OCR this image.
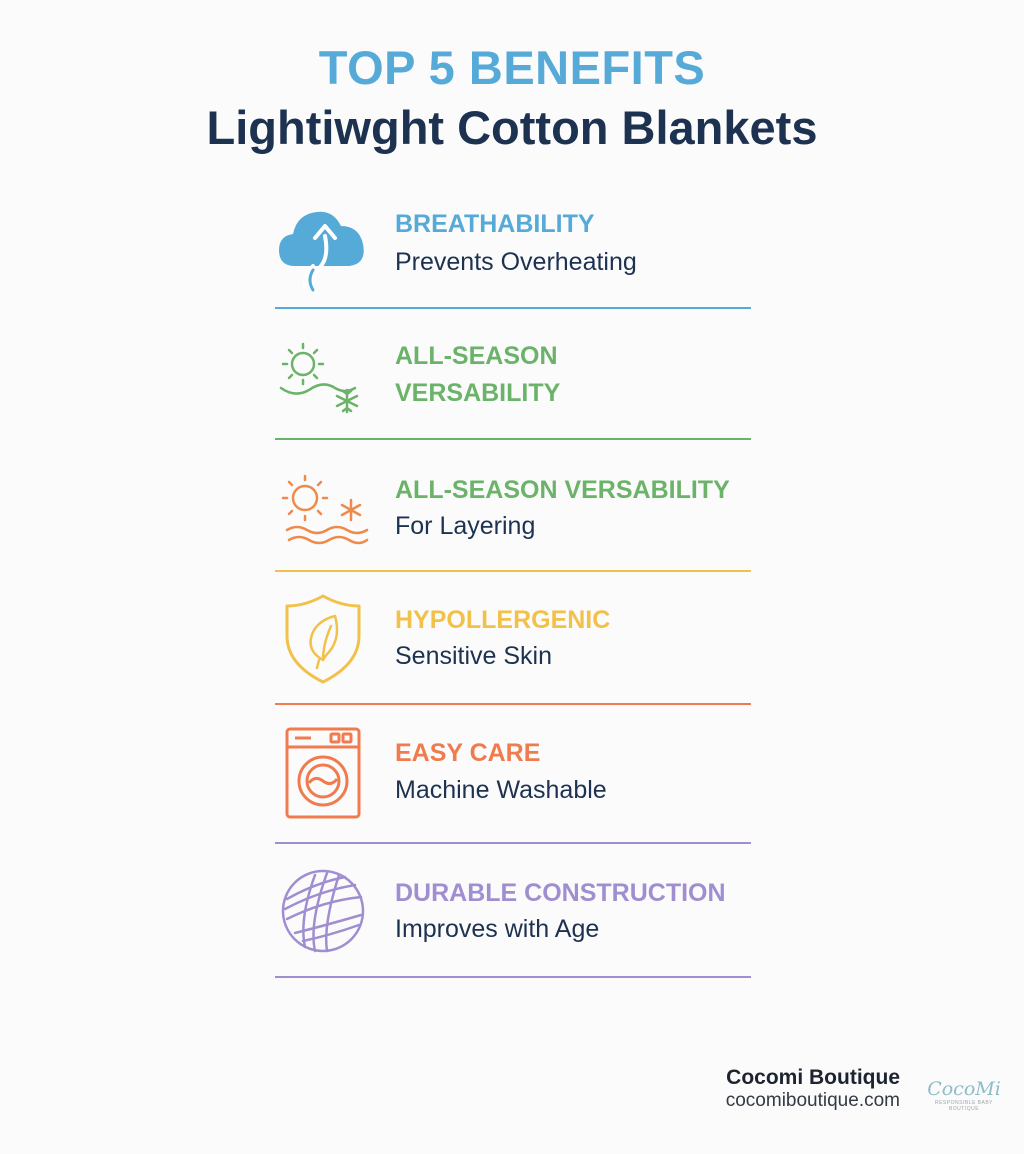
TOP 5 BENEFITS
Lightiwght Cotton Blankets
BREATHABILITY
Prevents Overheating
ALL-SEASON
VERSABILITY
ALL-SEASON VERSABILITY
For Layering
HYPOLLERGENIC
Sensitive Skin
EASY CARE
Machine Washable
DURABLE CONSTRUCTION
Improves with Age
Cocomi Boutique
cocomiboutique.com
CocoMi
RESPONSIBLE BABY BOUTIQUE
